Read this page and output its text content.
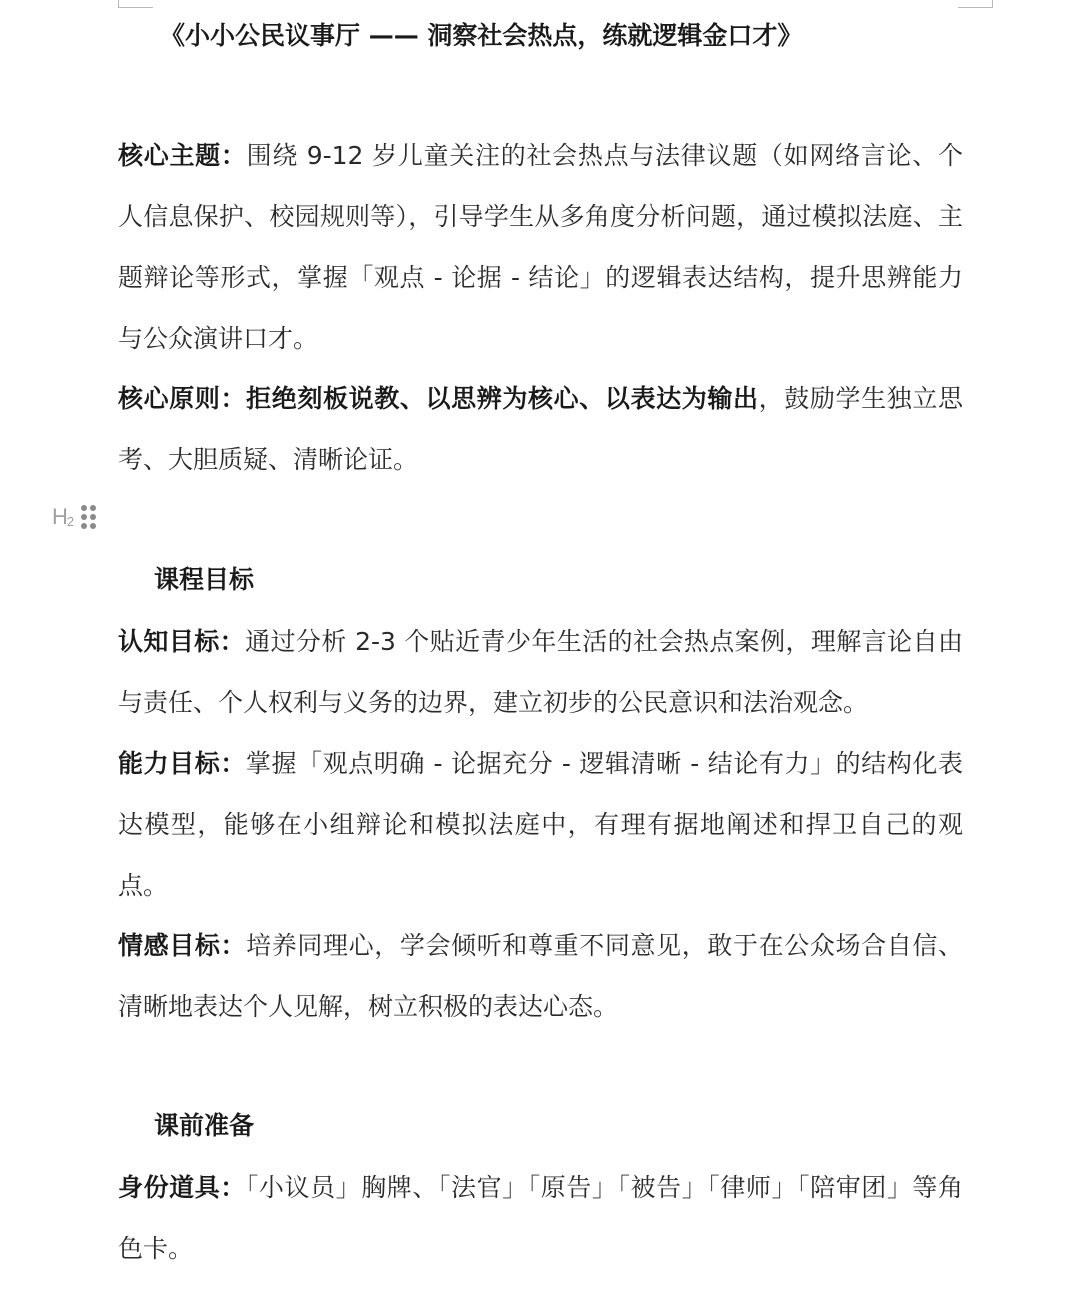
《小小公民议事厅 —— 洞察社会热点，练就逻辑金口才》

核心主题：围绕 9-12 岁儿童关注的社会热点与法律议题（如网络言论、个人信息保护、校园规则等），引导学生从多角度分析问题，通过模拟法庭、主题辩论等形式，掌握「观点 - 论据 - 结论」的逻辑表达结构，提升思辨能力与公众演讲口才。

核心原则：拒绝刻板说教、以思辨为核心、以表达为输出，鼓励学生独立思考、大胆质疑、清晰论证。

$H_2$
课程目标

认知目标：通过分析 2-3 个贴近青少年生活的社会热点案例，理解言论自由与责任、个人权利与义务的边界，建立初步的公民意识和法治观念。

能力目标：掌握「观点明确 - 论据充分 - 逻辑清晰 - 结论有力」的结构化表达模型，能够在小组辩论和模拟法庭中，有理有据地阐述和捍卫自己的观点。

情感目标：培养同理心，学会倾听和尊重不同意见，敢于在公众场合自信、清晰地表达个人见解，树立积极的表达心态。

课前准备

身份道具：「小议员」胸牌、「法官」「原告」「被告」「律师」「陪审团」等角色卡。
